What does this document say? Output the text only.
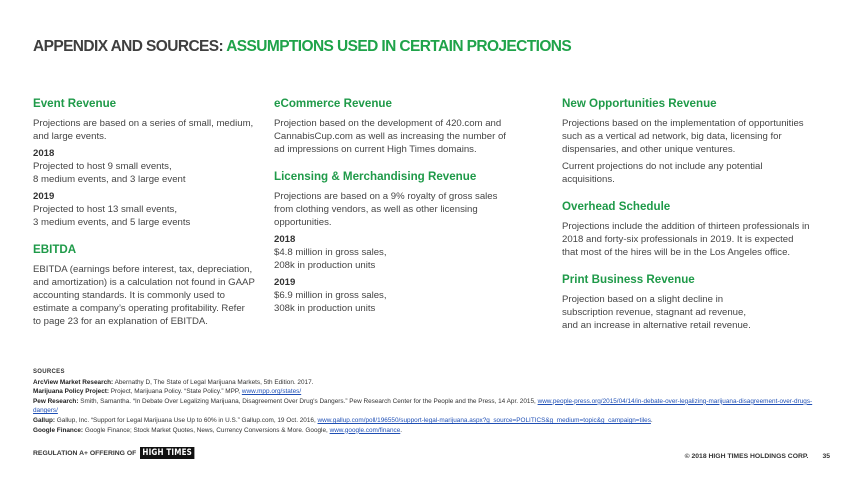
APPENDIX AND SOURCES: ASSUMPTIONS USED IN CERTAIN PROJECTIONS
Event Revenue
Projections are based on a series of small, medium, and large events.
2018
Projected to host 9 small events,
8 medium events, and 3 large event
2019
Projected to host 13 small events,
3 medium events, and 5 large events
EBITDA
EBITDA (earnings before interest, tax, depreciation, and amortization) is a calculation not found in GAAP accounting standards. It is commonly used to estimate a company’s operating profitability. Refer to page 23 for an explanation of EBITDA.
eCommerce Revenue
Projection based on the development of 420.com and CannabisCup.com as well as increasing the number of ad impressions on current High Times domains.
Licensing & Merchandising Revenue
Projections are based on a 9% royalty of gross sales from clothing vendors, as well as other licensing opportunities.
2018
$4.8 million in gross sales,
208k in production units
2019
$6.9 million in gross sales,
308k in production units
New Opportunities Revenue
Projections based on the implementation of opportunities such as a vertical ad network, big data, licensing for dispensaries, and other unique ventures.
Current projections do not include any potential acquisitions.
Overhead Schedule
Projections include the addition of thirteen professionals in 2018 and forty-six professionals in 2019. It is expected that most of the hires will be in the Los Angeles office.
Print Business Revenue
Projection based on a slight decline in
subscription revenue, stagnant ad revenue,
and an increase in alternative retail revenue.
SOURCES
ArcView Market Research: Abernathy D, The State of Legal Marijuana Markets, 5th Edition. 2017.
Marijuana Policy Project: Project, Marijuana Policy. “State Policy.” MPP, www.mpp.org/states/
Pew Research: Smith, Samantha. “In Debate Over Legalizing Marijuana, Disagreement Over Drug's Dangers.” Pew Research Center for the People and the Press, 14 Apr. 2015, www.people-press.org/2015/04/14/in-debate-over-legalizing-marijuana-disagreement-over-drugs-dangers/
Gallup: Gallup, Inc. “Support for Legal Marijuana Use Up to 60% in U.S.” Gallup.com, 19 Oct. 2016, www.gallup.com/poll/196550/support-legal-marijuana.aspx?g_source=POLITICS&g_medium=topic&g_campaign=tiles.
Google Finance: Google Finance; Stock Market Quotes, News, Currency Conversions & More. Google, www.google.com/finance.
REGULATION A+ OFFERING OF HIGH TIMES	© 2018 HIGH TIMES HOLDINGS CORP. 35
